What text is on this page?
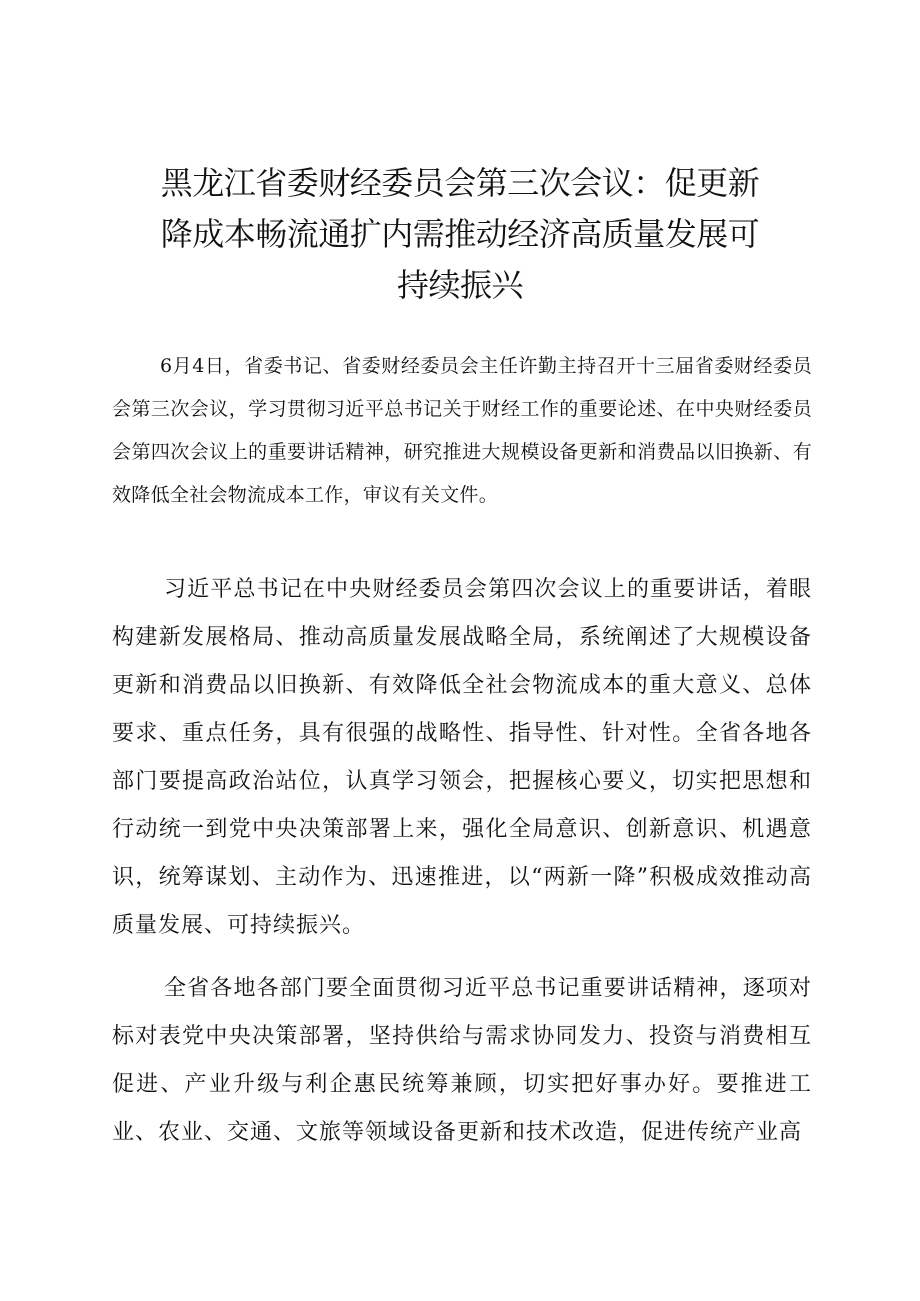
黑龙江省委财经委员会第三次会议：促更新降成本畅流通扩内需推动经济高质量发展可持续振兴

6月4日，省委书记、省委财经委员会主任许勤主持召开十三届省委财经委员会第三次会议，学习贯彻习近平总书记关于财经工作的重要论述、在中央财经委员会第四次会议上的重要讲话精神，研究推进大规模设备更新和消费品以旧换新、有效降低全社会物流成本工作，审议有关文件。

习近平总书记在中央财经委员会第四次会议上的重要讲话，着眼构建新发展格局、推动高质量发展战略全局，系统阐述了大规模设备更新和消费品以旧换新、有效降低全社会物流成本的重大意义、总体要求、重点任务，具有很强的战略性、指导性、针对性。全省各地各部门要提高政治站位，认真学习领会，把握核心要义，切实把思想和行动统一到党中央决策部署上来，强化全局意识、创新意识、机遇意识，统筹谋划、主动作为、迅速推进，以“两新一降”积极成效推动高质量发展、可持续振兴。

全省各地各部门要全面贯彻习近平总书记重要讲话精神，逐项对标对表党中央决策部署，坚持供给与需求协同发力、投资与消费相互促进、产业升级与利企惠民统筹兼顾，切实把好事办好。要推进工业、农业、交通、文旅等领域设备更新和技术改造，促进传统产业高
